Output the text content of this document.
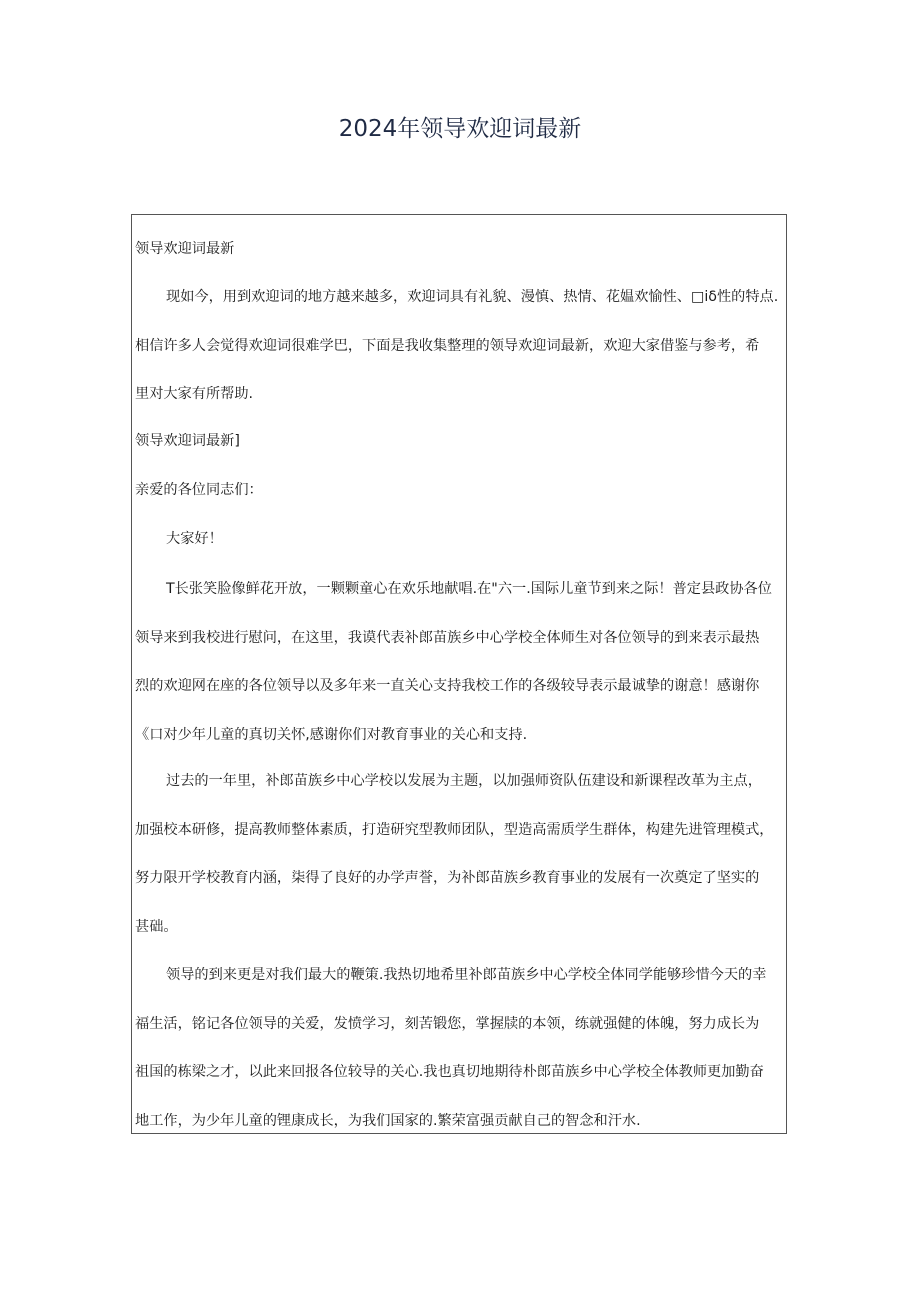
2024年领导欢迎词最新

领导欢迎词最新

现如今，用到欢迎词的地方越来越多，欢迎词具有礼貌、漫慎、热情、花媪欢愉性、□iδ性的特点.
相信许多人会觉得欢迎词很难学巴，下面是我收集整理的领导欢迎词最新，欢迎大家借鉴与参考，希
里对大家有所帮助.

领导欢迎词最新]

亲爱的各位同志们：

大家好！

T长张笑脸像鲜花开放，一颗颗童心在欢乐地献唱.在"六一.国际儿童节到来之际！普定县政协各位
领导来到我校进行慰问，在这里，我谟代表补郎苗族乡中心学校全体师生对各位领导的到来表示最热
烈的欢迎网在座的各位领导以及多年来一直关心支持我校工作的各级较导表示最诚挚的谢意！感谢你
《口对少年儿童的真切关怀,感谢你们对教育事业的关心和支持.

过去的一年里，补郎苗族乡中心学校以发展为主题，以加强师资队伍建设和新课程改革为主点，
加强校本研修，提高教师整体素质，打造研究型教师团队，型造高需质学生群体，构建先进管理模式，
努力限开学校教育内涵，柒得了良好的办学声誉，为补郎苗族乡教育事业的发展有一次奠定了坚实的
甚础。

领导的到来更是对我们最大的鞭策.我热切地希里补郎苗族乡中心学校全体同学能够珍惜今天的幸
福生活，铭记各位领导的关爱，发愤学习，刻苦锻您，掌握牍的本领，练就强健的体魄，努力成长为
祖国的栋梁之才，以此来回报各位较导的关心.我也真切地期待朴郎苗族乡中心学校全体教师更加勤奋
地工作，为少年儿童的锂康成长，为我们国家的.繁荣富强贡献自己的智念和汗水.
